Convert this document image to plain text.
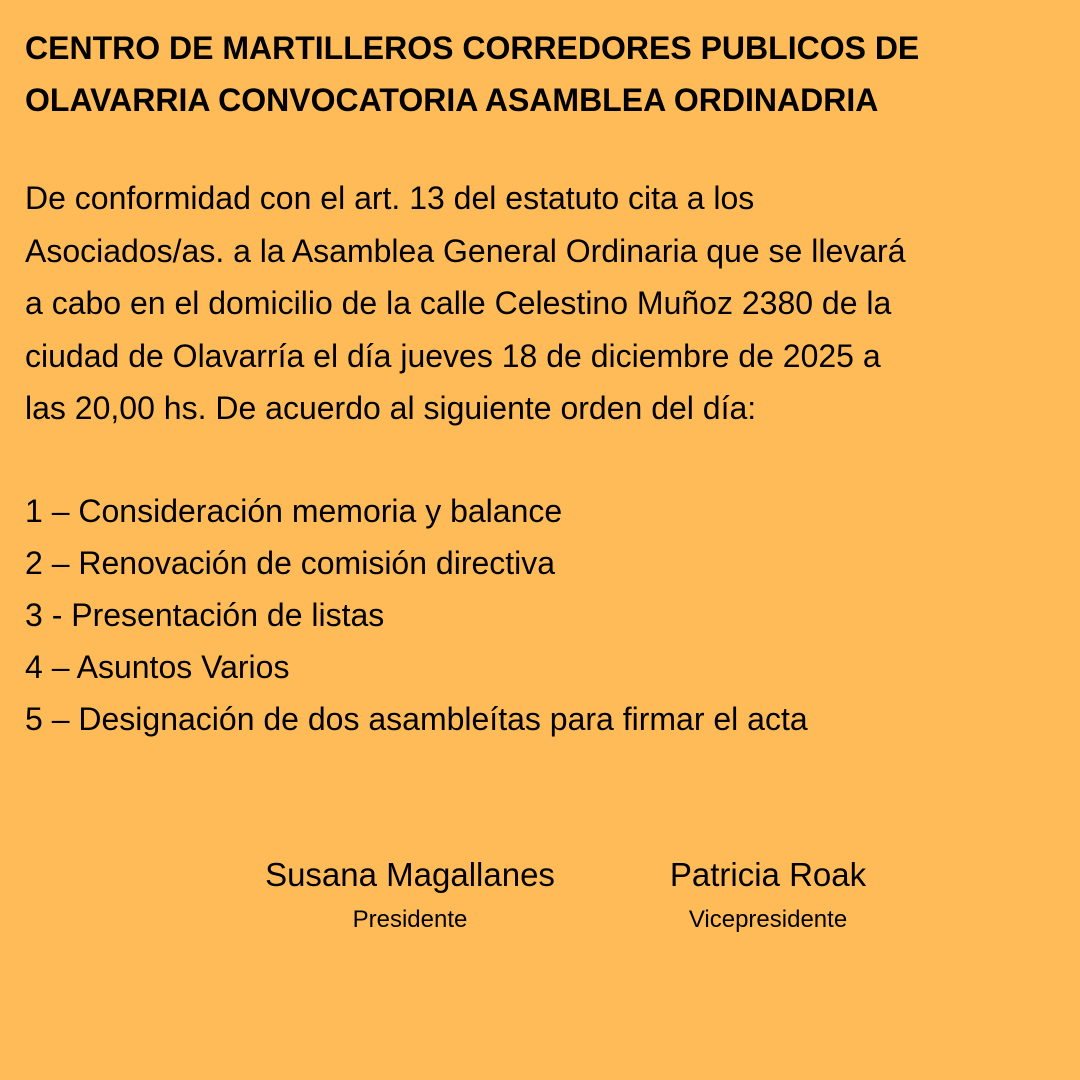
CENTRO DE MARTILLEROS CORREDORES PUBLICOS DE
OLAVARRIA CONVOCATORIA ASAMBLEA ORDINADRIA

De conformidad con el art. 13 del estatuto cita a los
Asociados/as. a la Asamblea General Ordinaria que se llevará
a cabo en el domicilio de la calle Celestino Muñoz 2380 de la
ciudad de Olavarría el día jueves 18 de diciembre de 2025 a
las 20,00 hs. De acuerdo al siguiente orden del día:

1 – Consideración memoria y balance
2 – Renovación de comisión directiva
3 - Presentación de listas
4 – Asuntos Varios
5 – Designación de dos asambleítas para firmar el acta
Susana Magallanes
Presidente
Patricia Roak
Vicepresidente
